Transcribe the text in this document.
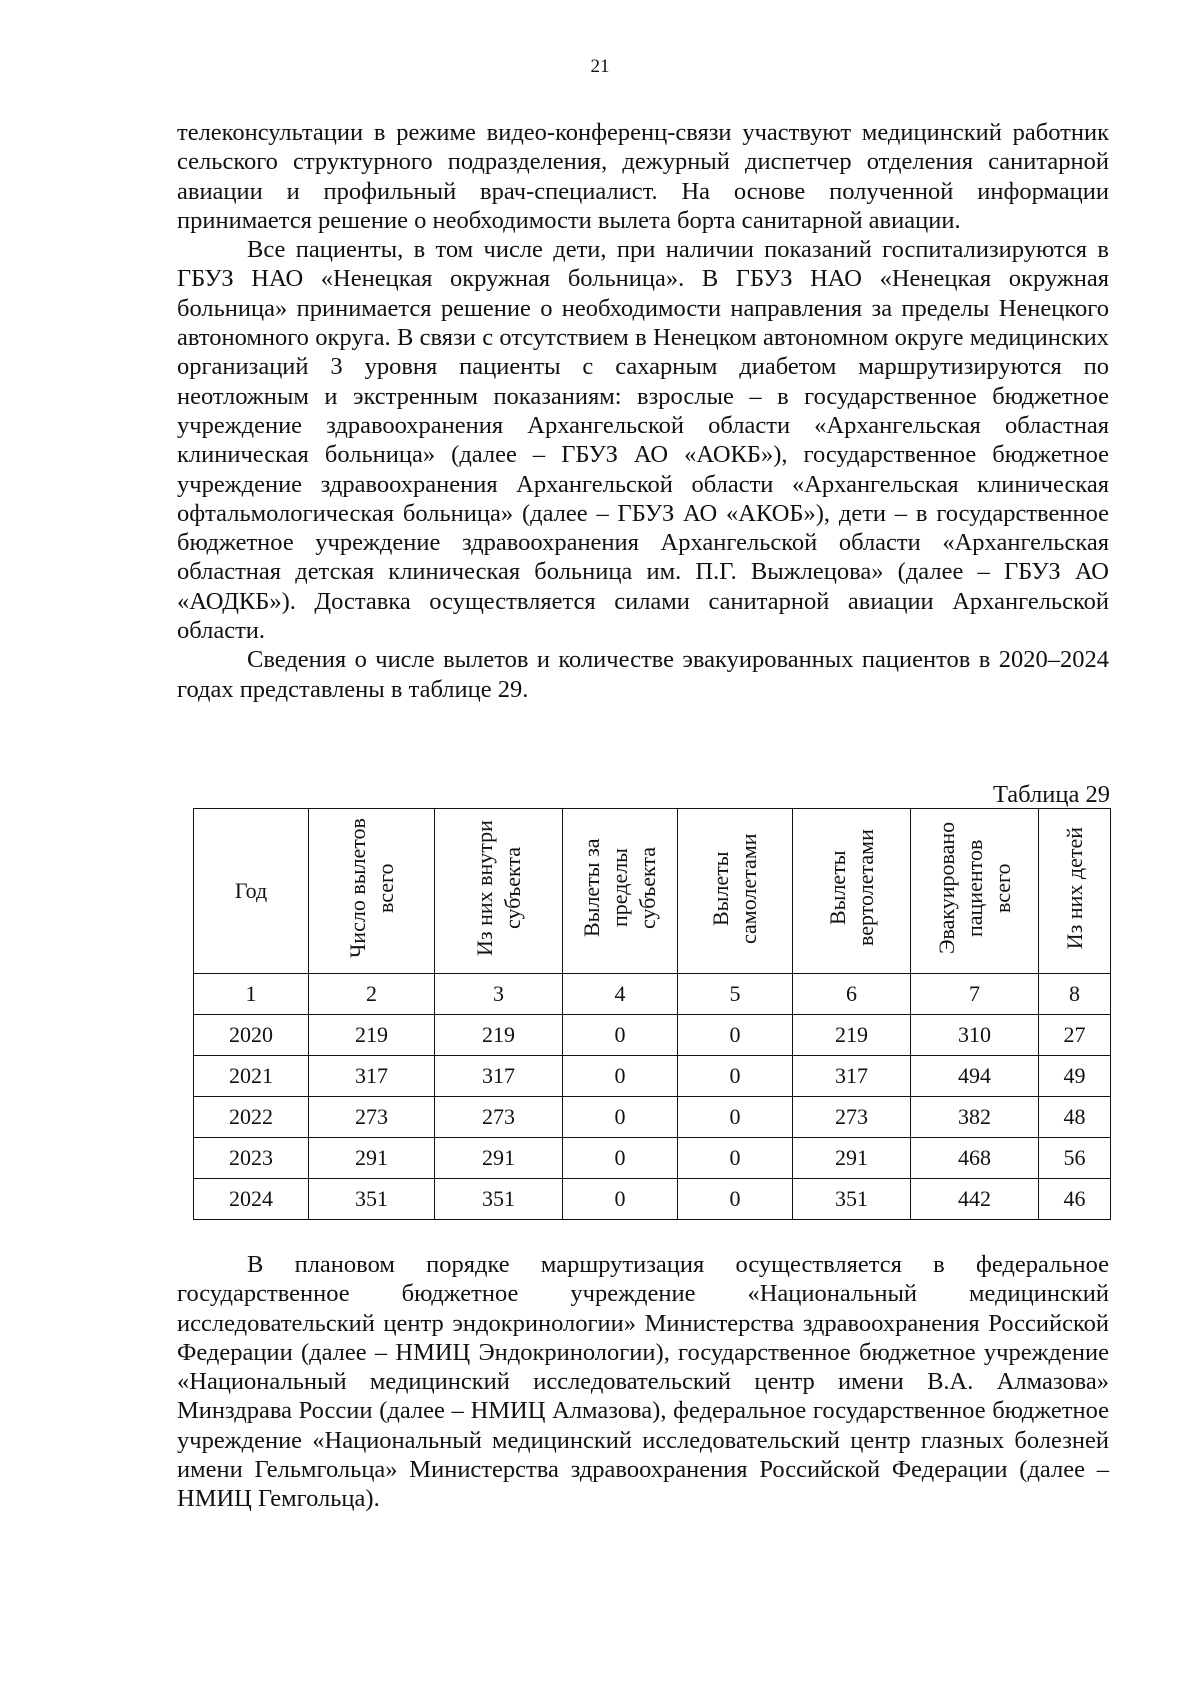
21

телеконсультации в режиме видео-конференц-связи участвуют медицинский работник сельского структурного подразделения, дежурный диспетчер отделения санитарной авиации и профильный врач-специалист. На основе полученной информации принимается решение о необходимости вылета борта санитарной авиации.

Все пациенты, в том числе дети, при наличии показаний госпитализируются в ГБУЗ НАО «Ненецкая окружная больница». В ГБУЗ НАО «Ненецкая окружная больница» принимается решение о необходимости направления за пределы Ненецкого автономного округа. В связи с отсутствием в Ненецком автономном округе медицинских организаций 3 уровня пациенты с сахарным диабетом маршрутизируются по неотложным и экстренным показаниям: взрослые – в государственное бюджетное учреждение здравоохранения Архангельской области «Архангельская областная клиническая больница» (далее – ГБУЗ АО «АОКБ»), государственное бюджетное учреждение здравоохранения Архангельской области «Архангельская клиническая офтальмологическая больница» (далее – ГБУЗ АО «АКОБ»), дети – в государственное бюджетное учреждение здравоохранения Архангельской области «Архангельская областная детская клиническая больница им. П.Г. Выжлецова» (далее – ГБУЗ АО «АОДКБ»). Доставка осуществляется силами санитарной авиации Архангельской области.

Сведения о числе вылетов и количестве эвакуированных пациентов в 2020–2024 годах представлены в таблице 29.

Таблица 29
Год	Число вылетов всего	Из них внутри субъекта	Вылеты за пределы субъекта	Вылеты самолетами	Вылеты вертолетами	Эвакуировано пациентов всего	Из них детей
1	2	3	4	5	6	7	8
2020	219	219	0	0	219	310	27
2021	317	317	0	0	317	494	49
2022	273	273	0	0	273	382	48
2023	291	291	0	0	291	468	56
2024	351	351	0	0	351	442	46

В плановом порядке маршрутизация осуществляется в федеральное государственное бюджетное учреждение «Национальный медицинский исследовательский центр эндокринологии» Министерства здравоохранения Российской Федерации (далее – НМИЦ Эндокринологии), государственное бюджетное учреждение «Национальный медицинский исследовательский центр имени В.А. Алмазова» Минздрава России (далее – НМИЦ Алмазова), федеральное государственное бюджетное учреждение «Национальный медицинский исследовательский центр глазных болезней имени Гельмгольца» Министерства здравоохранения Российской Федерации (далее – НМИЦ Гемгольца).
